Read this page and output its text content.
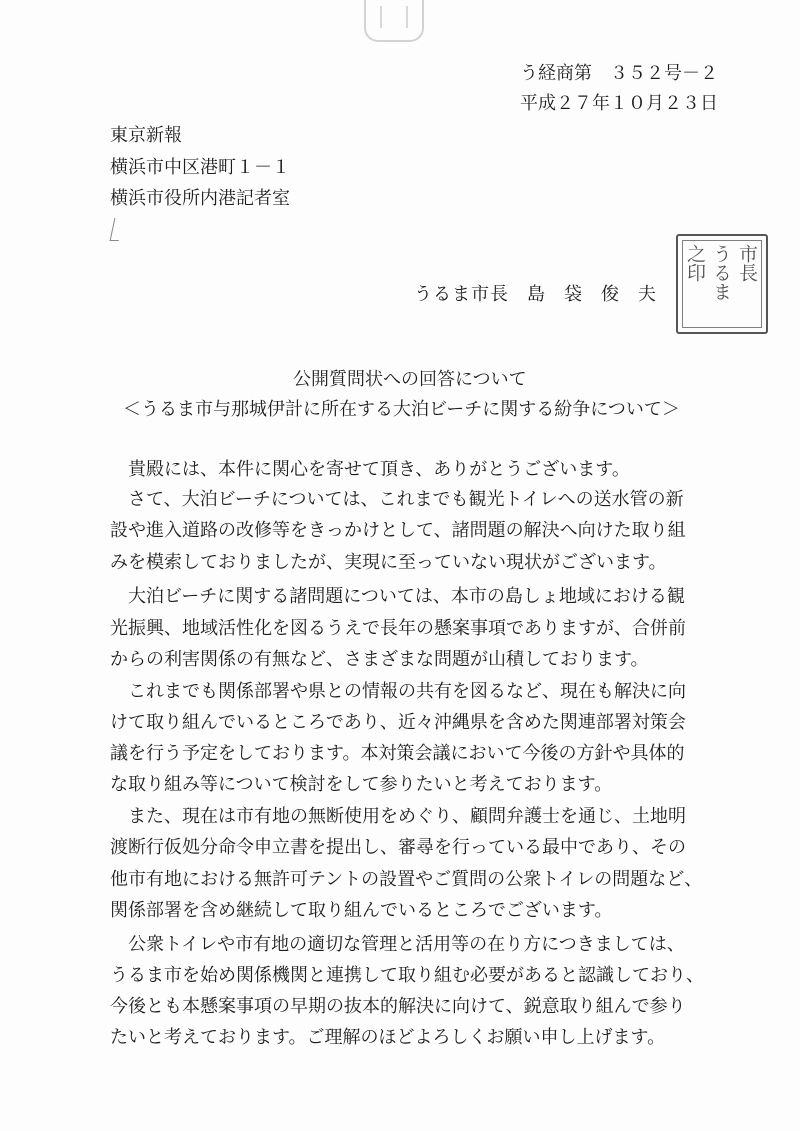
う経商第　３５２号－２
平成２７年１０月２３日
東京新報
横浜市中区港町１－１
横浜市役所内港記者室
うるま市長 島 袋 俊 夫
市長
うるま
之印
公開質問状への回答について
＜うるま市与那城伊計に所在する大泊ビーチに関する紛争について＞
貴殿には、本件に関心を寄せて頂き、ありがとうございます。
さて、大泊ビーチについては、これまでも観光トイレへの送水管の新
設や進入道路の改修等をきっかけとして、諸問題の解決へ向けた取り組
みを模索しておりましたが、実現に至っていない現状がございます。
大泊ビーチに関する諸問題については、本市の島しょ地域における観
光振興、地域活性化を図るうえで長年の懸案事項でありますが、合併前
からの利害関係の有無など、さまざまな問題が山積しております。
これまでも関係部署や県との情報の共有を図るなど、現在も解決に向
けて取り組んでいるところであり、近々沖縄県を含めた関連部署対策会
議を行う予定をしております。本対策会議において今後の方針や具体的
な取り組み等について検討をして参りたいと考えております。
また、現在は市有地の無断使用をめぐり、顧問弁護士を通じ、土地明
渡断行仮処分命令申立書を提出し、審尋を行っている最中であり、その
他市有地における無許可テントの設置やご質問の公衆トイレの問題など、
関係部署を含め継続して取り組んでいるところでございます。
公衆トイレや市有地の適切な管理と活用等の在り方につきましては、
うるま市を始め関係機関と連携して取り組む必要があると認識しており、
今後とも本懸案事項の早期の抜本的解決に向けて、鋭意取り組んで参り
たいと考えております。ご理解のほどよろしくお願い申し上げます。
